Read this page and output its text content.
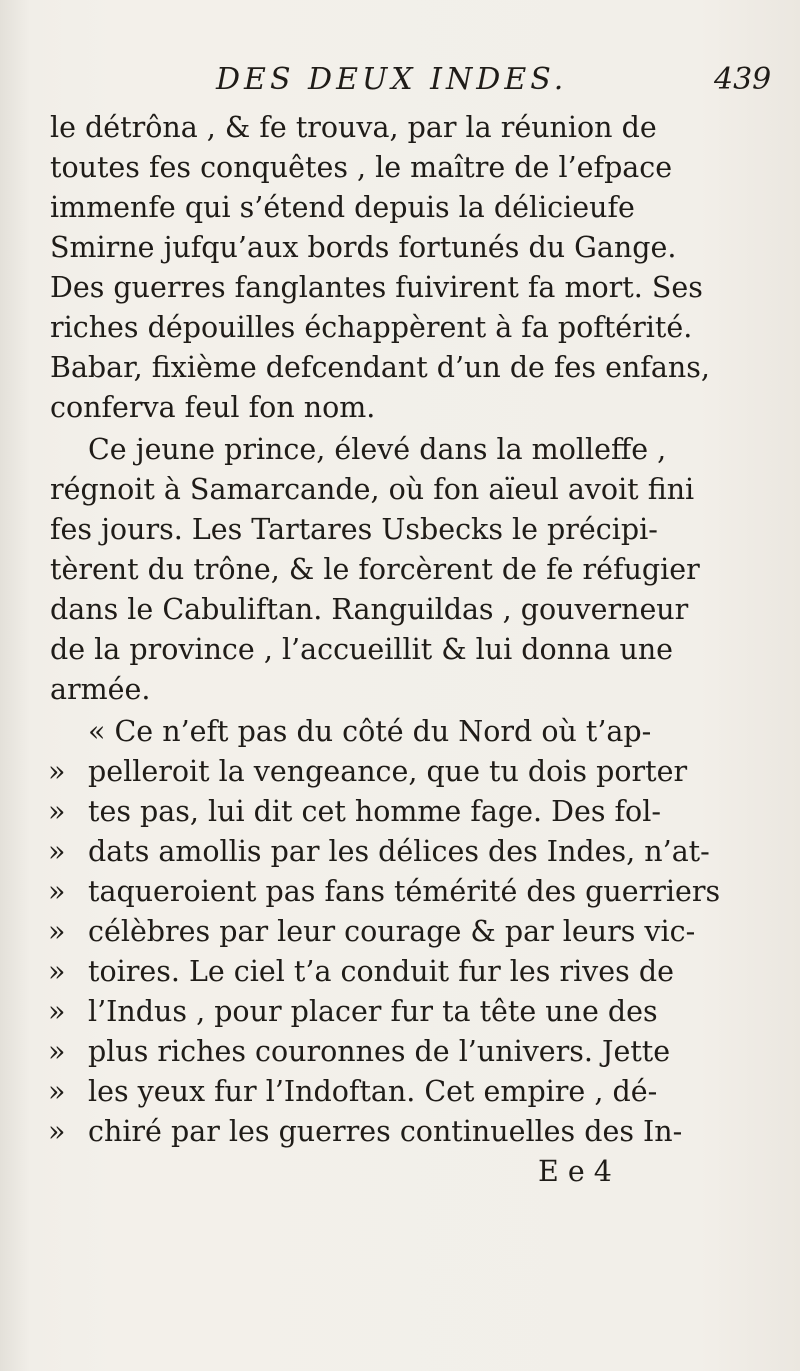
DES DEUX INDES.	439
le détrôna , & fe trouva, par la réunion de
toutes fes conquêtes , le maître de l’efpace
immenfe qui s’étend depuis la délicieufe
Smirne jufqu’aux bords fortunés du Gange.
Des guerres fanglantes fuivirent fa mort. Ses
riches dépouilles échappèrent à fa poftérité.
Babar, fixième defcendant d’un de fes enfans,
conferva feul fon nom.
Ce jeune prince, élevé dans la molleffe ,
régnoit à Samarcande, où fon aïeul avoit fini
fes jours. Les Tartares Usbecks le précipi-
tèrent du trône, & le forcèrent de fe réfugier
dans le Cabuliftan. Ranguildas , gouverneur
de la province , l’accueillit & lui donna une
armée.
« Ce n’eft pas du côté du Nord où t’ap-
» pelleroit la vengeance, que tu dois porter
» tes pas, lui dit cet homme fage. Des fol-
» dats amollis par les délices des Indes, n’at-
» taqueroient pas fans témérité des guerriers
» célèbres par leur courage & par leurs vic-
» toires. Le ciel t’a conduit fur les rives de
» l’Indus , pour placer fur ta tête une des
» plus riches couronnes de l’univers. Jette
» les yeux fur l’Indoftan. Cet empire , dé-
» chiré par les guerres continuelles des In-
E e 4
